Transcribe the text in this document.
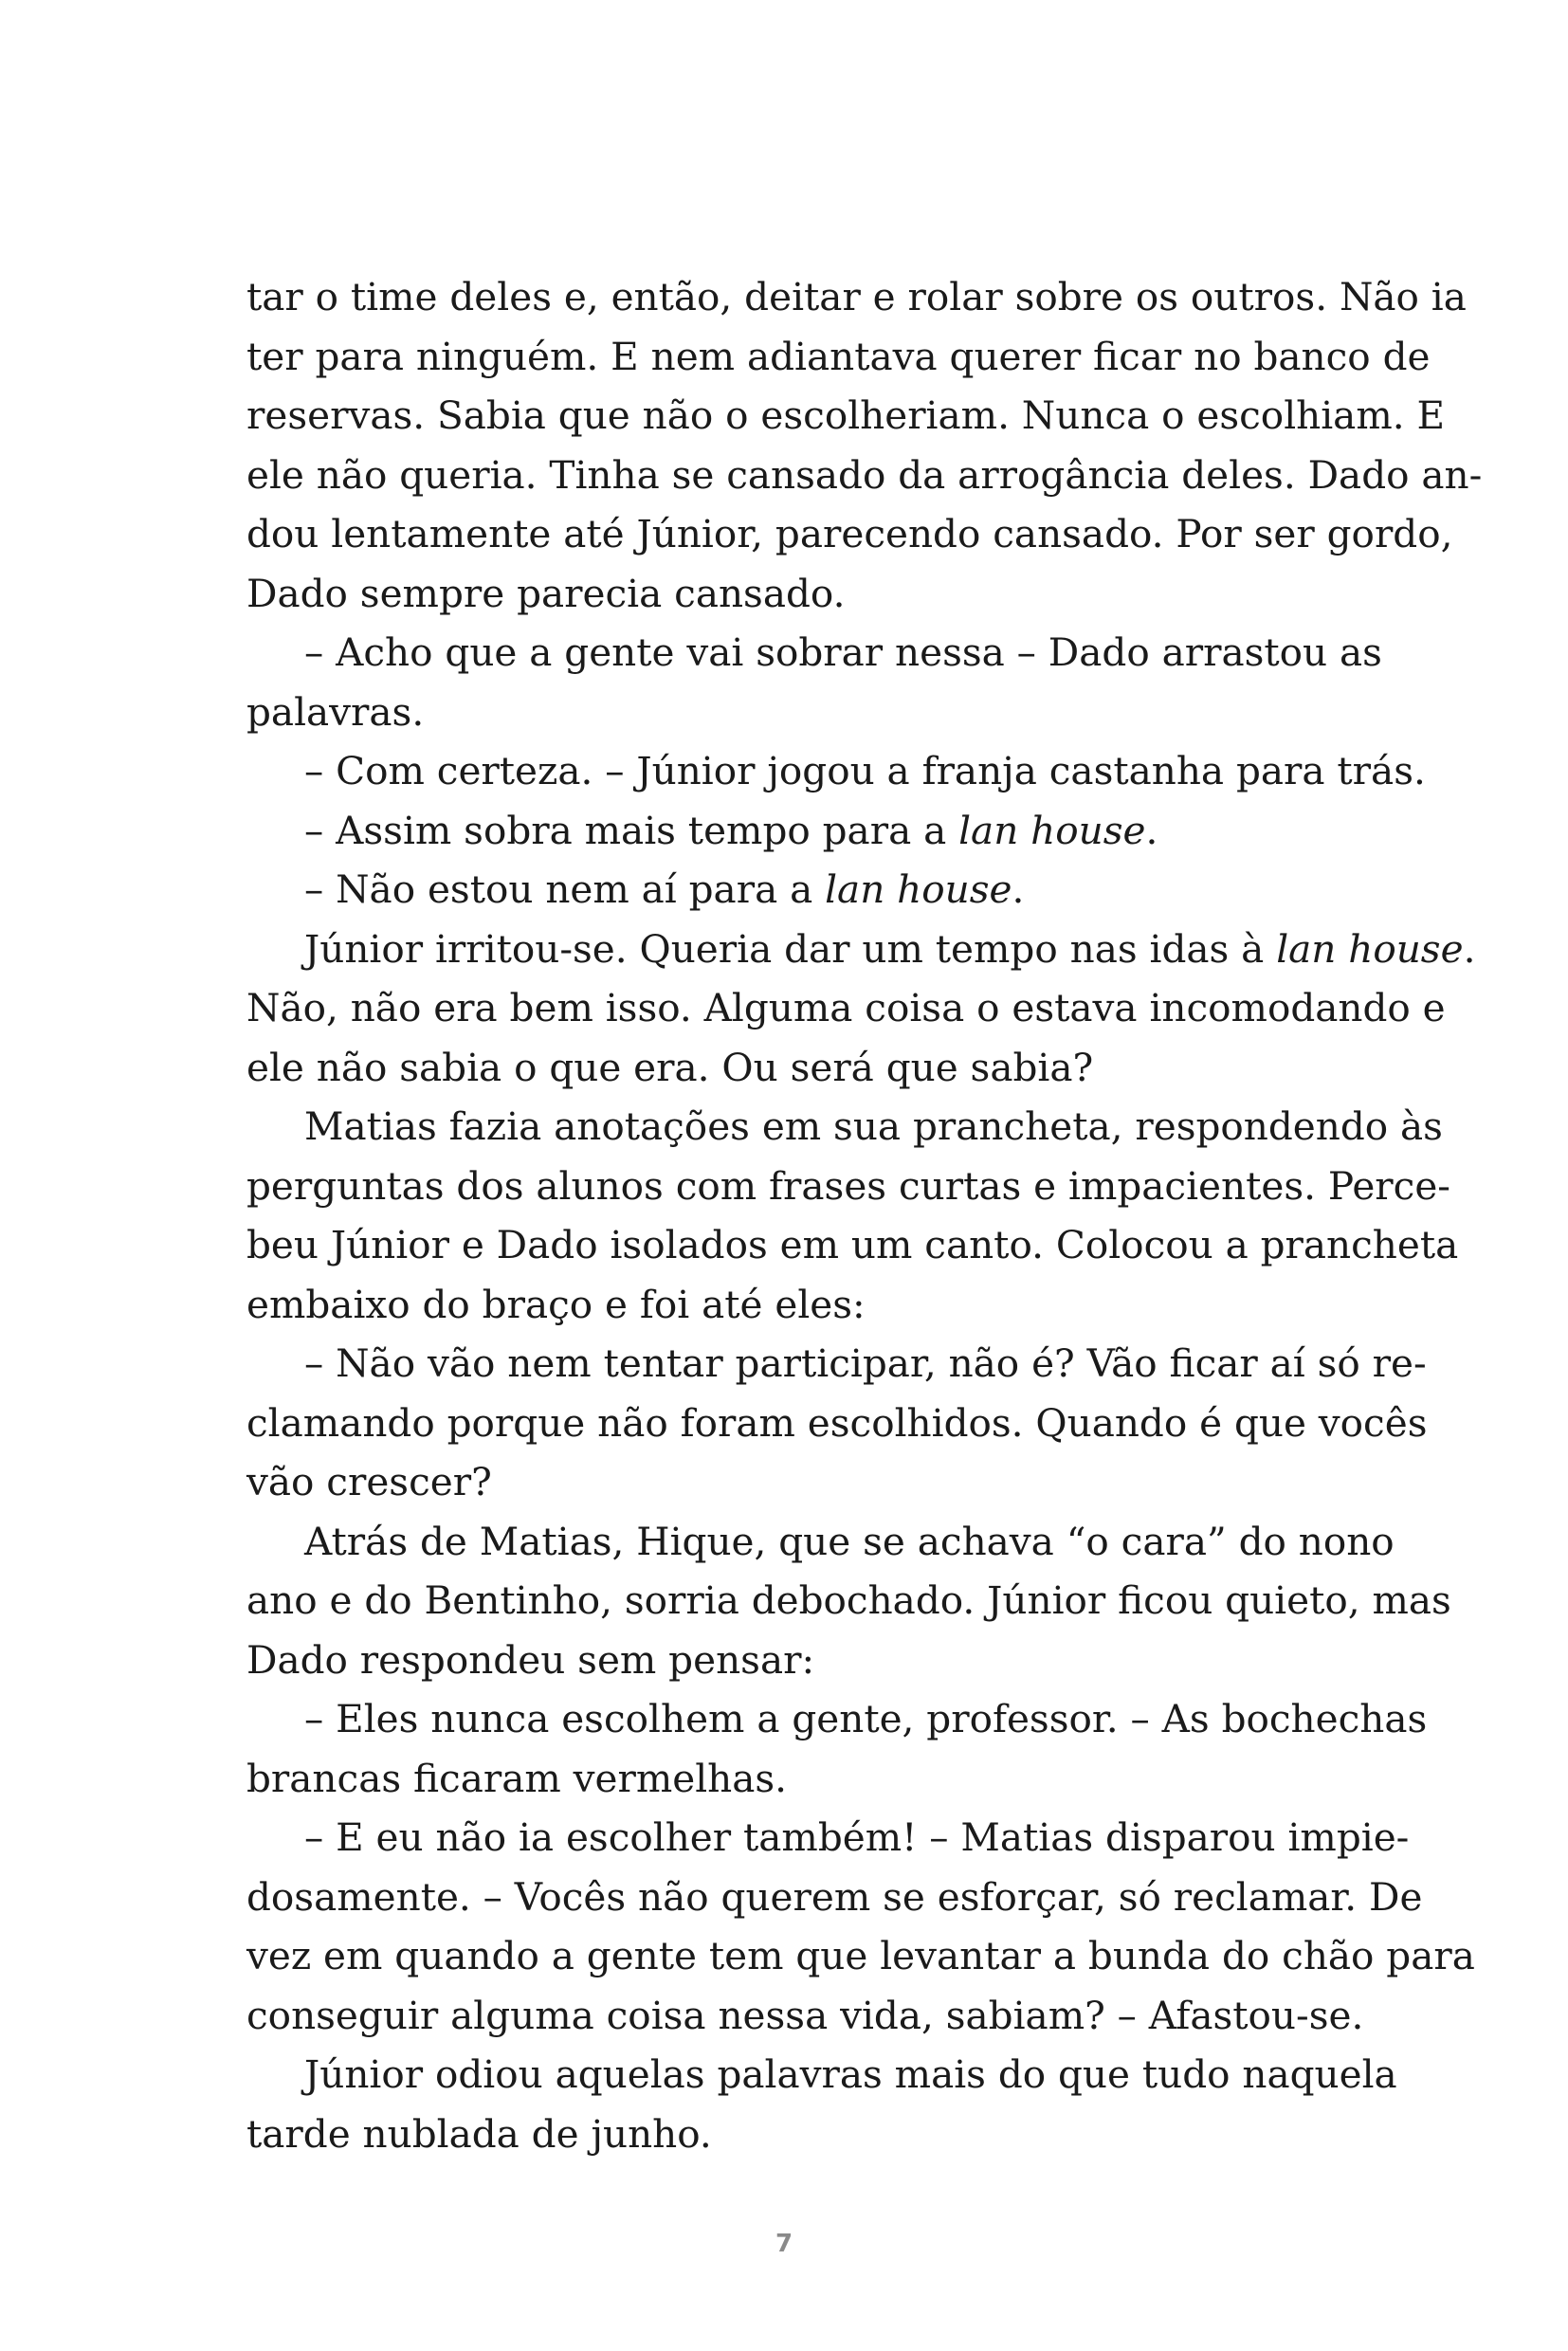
tar o time deles e, então, deitar e rolar sobre os outros. Não ia
ter para ninguém. E nem adiantava querer ficar no banco de
reservas. Sabia que não o escolheriam. Nunca o escolhiam. E
ele não queria. Tinha se cansado da arrogância deles. Dado an-
dou lentamente até Júnior, parecendo cansado. Por ser gordo,
Dado sempre parecia cansado.
– Acho que a gente vai sobrar nessa – Dado arrastou as
palavras.
– Com certeza. – Júnior jogou a franja castanha para trás.
– Assim sobra mais tempo para a lan house.
– Não estou nem aí para a lan house.
Júnior irritou-se. Queria dar um tempo nas idas à lan house.
Não, não era bem isso. Alguma coisa o estava incomodando e
ele não sabia o que era. Ou será que sabia?
Matias fazia anotações em sua prancheta, respondendo às
perguntas dos alunos com frases curtas e impacientes. Perce-
beu Júnior e Dado isolados em um canto. Colocou a prancheta
embaixo do braço e foi até eles:
– Não vão nem tentar participar, não é? Vão ficar aí só re-
clamando porque não foram escolhidos. Quando é que vocês
vão crescer?
Atrás de Matias, Hique, que se achava “o cara” do nono
ano e do Bentinho, sorria debochado. Júnior ficou quieto, mas
Dado respondeu sem pensar:
– Eles nunca escolhem a gente, professor. – As bochechas
brancas ficaram vermelhas.
– E eu não ia escolher também! – Matias disparou impie-
dosamente. – Vocês não querem se esforçar, só reclamar. De
vez em quando a gente tem que levantar a bunda do chão para
conseguir alguma coisa nessa vida, sabiam? – Afastou-se.
Júnior odiou aquelas palavras mais do que tudo naquela
tarde nublada de junho.
7
